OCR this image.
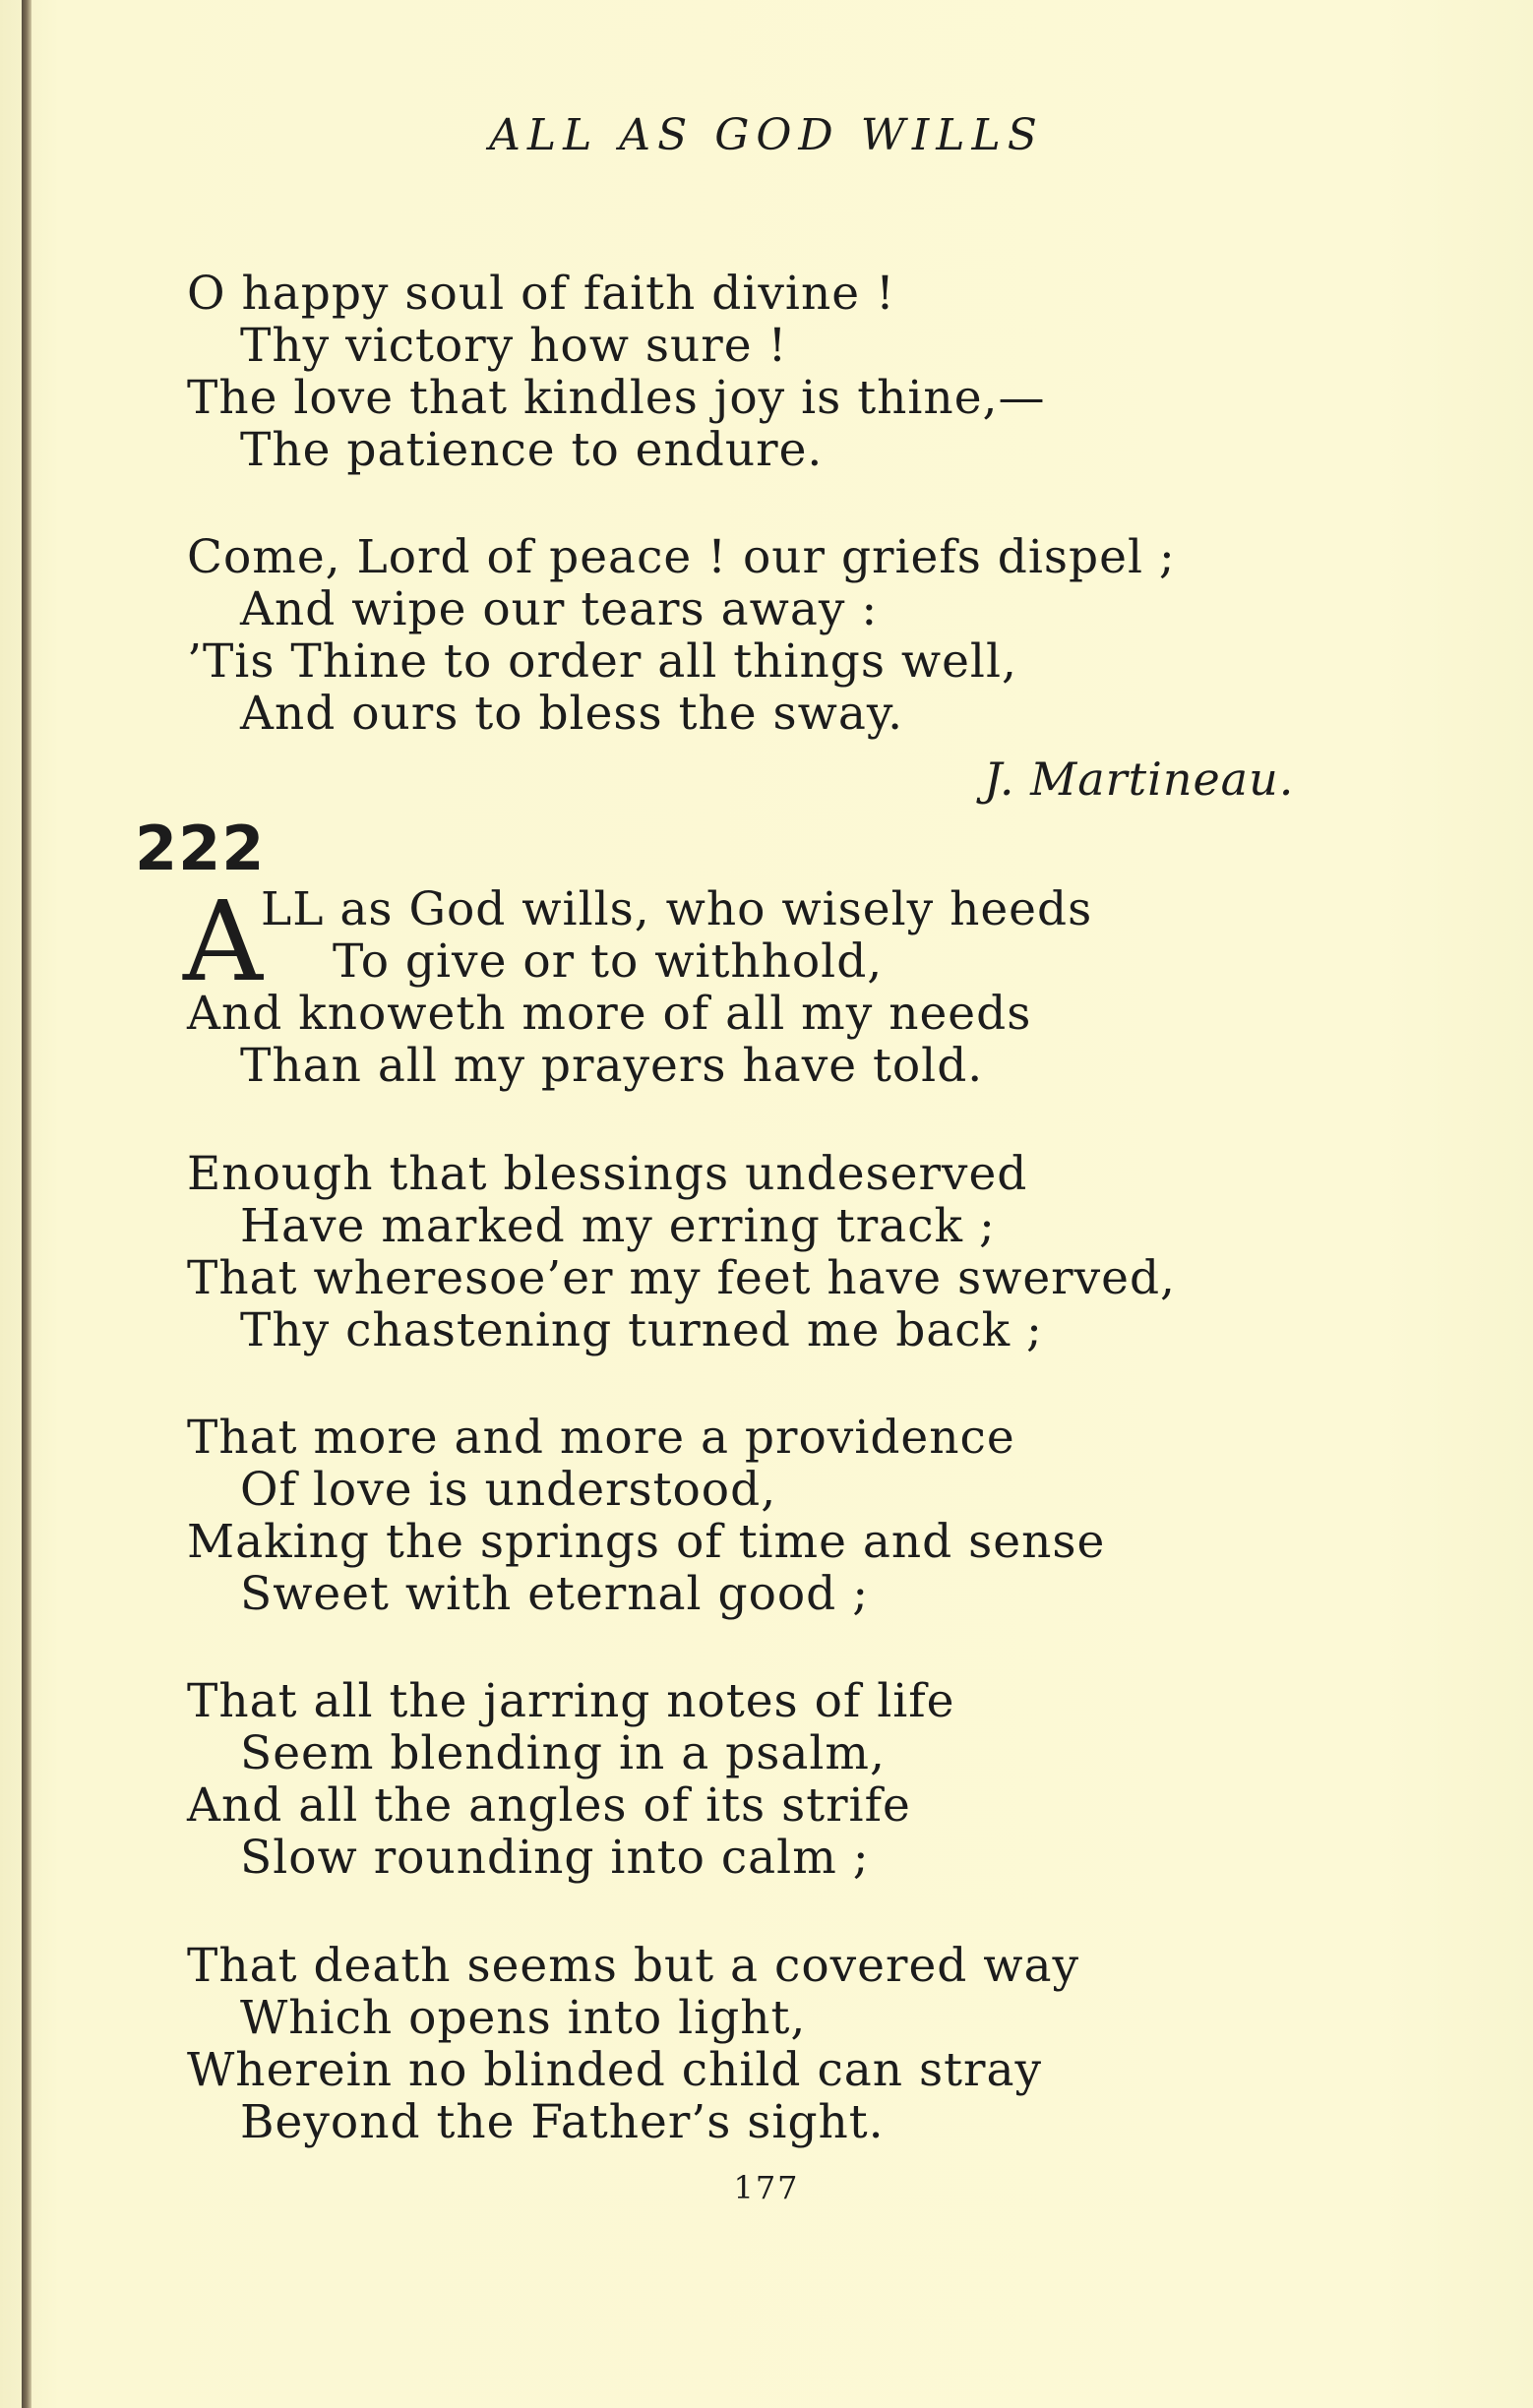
ALL AS GOD WILLS
O happy soul of faith divine !
Thy victory how sure !
The love that kindles joy is thine,—
The patience to endure.
Come, Lord of peace ! our griefs dispel ;
And wipe our tears away :
’Tis Thine to order all things well,
And ours to bless the sway.
J. Martineau.
222
A
LL as God wills, who wisely heeds
To give or to withhold,
And knoweth more of all my needs
Than all my prayers have told.
Enough that blessings undeserved
Have marked my erring track ;
That wheresoe’er my feet have swerved,
Thy chastening turned me back ;
That more and more a providence
Of love is understood,
Making the springs of time and sense
Sweet with eternal good ;
That all the jarring notes of life
Seem blending in a psalm,
And all the angles of its strife
Slow rounding into calm ;
That death seems but a covered way
Which opens into light,
Wherein no blinded child can stray
Beyond the Father’s sight.
177
